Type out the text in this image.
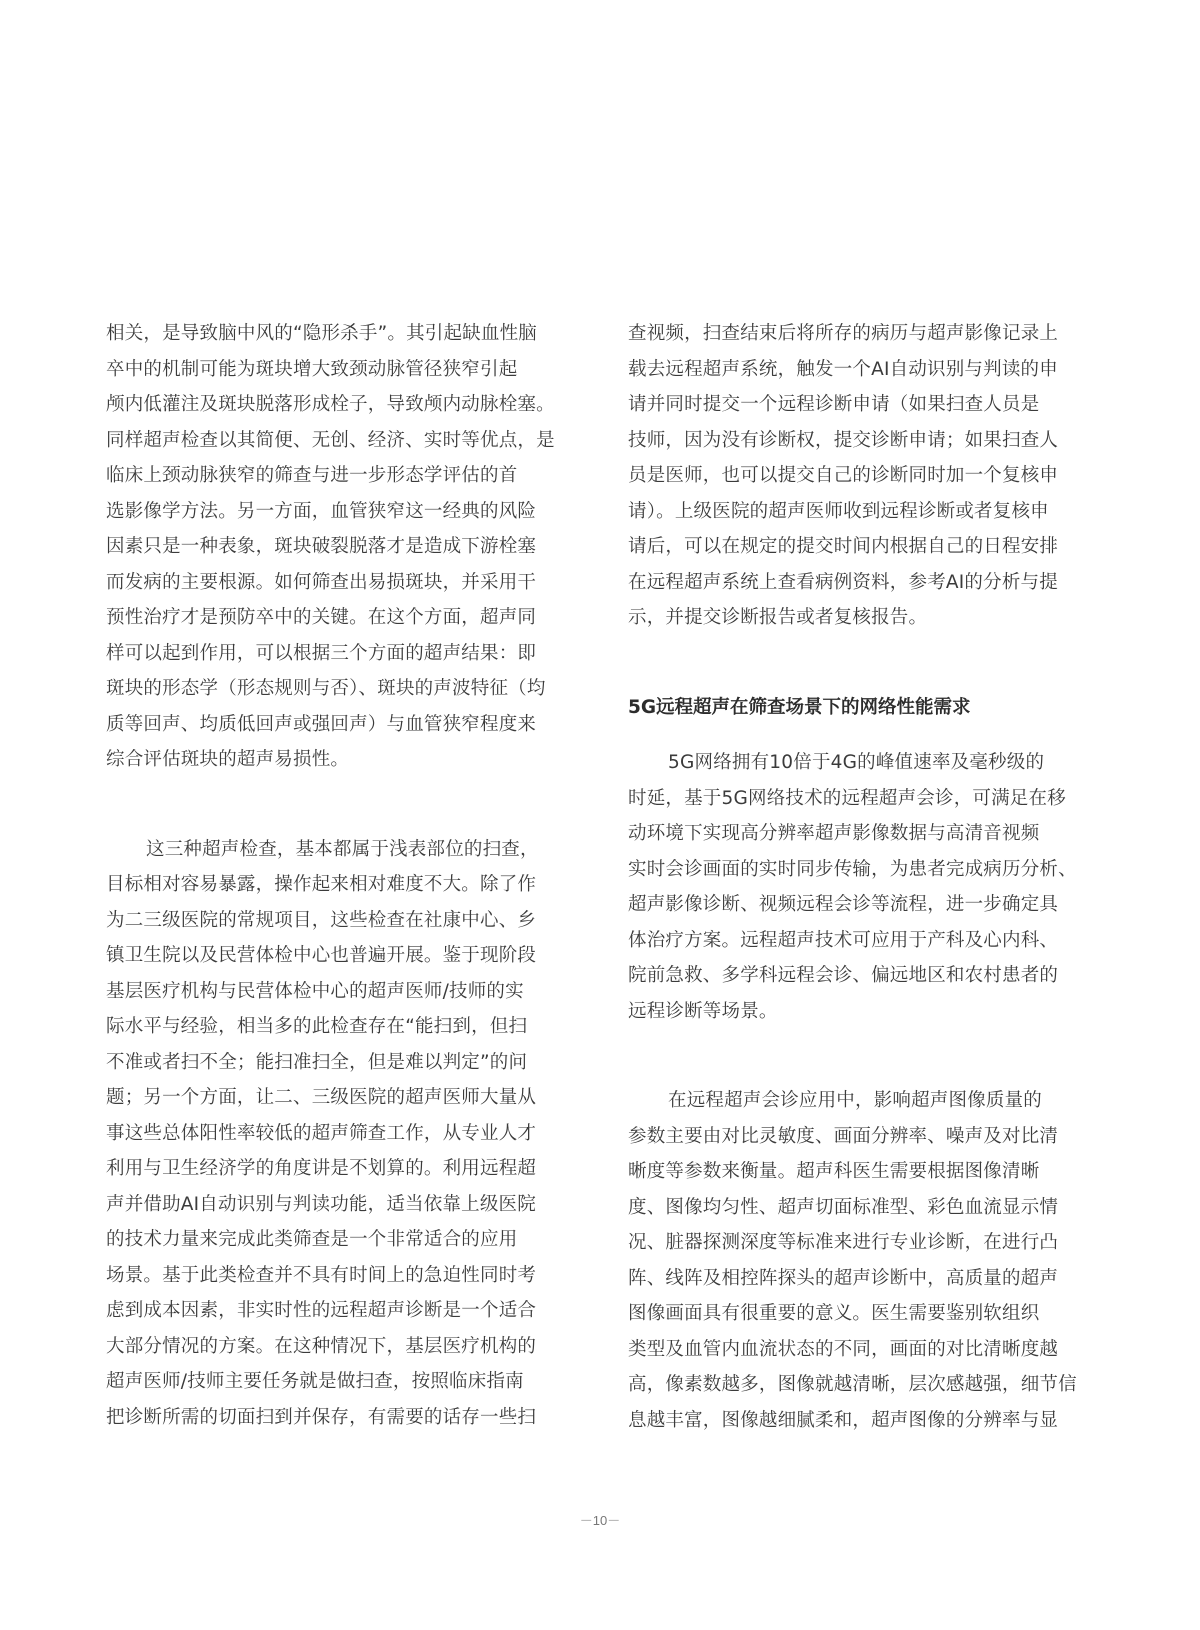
相关，是导致脑中风的“隐形杀手”。其引起缺血性脑
卒中的机制可能为斑块增大致颈动脉管径狭窄引起
颅内低灌注及斑块脱落形成栓子，导致颅内动脉栓塞。
同样超声检查以其简便、无创、经济、实时等优点，是
临床上颈动脉狭窄的筛查与进一步形态学评估的首
选影像学方法。另一方面，血管狭窄这一经典的风险
因素只是一种表象，斑块破裂脱落才是造成下游栓塞
而发病的主要根源。如何筛查出易损斑块，并采用干
预性治疗才是预防卒中的关键。在这个方面，超声同
样可以起到作用，可以根据三个方面的超声结果：即
斑块的形态学（形态规则与否）、斑块的声波特征（均
质等回声、均质低回声或强回声）与血管狭窄程度来
综合评估斑块的超声易损性。
这三种超声检查，基本都属于浅表部位的扫查，
目标相对容易暴露，操作起来相对难度不大。除了作
为二三级医院的常规项目，这些检查在社康中心、乡
镇卫生院以及民营体检中心也普遍开展。鉴于现阶段
基层医疗机构与民营体检中心的超声医师/技师的实
际水平与经验，相当多的此检查存在“能扫到，但扫
不准或者扫不全；能扫准扫全，但是难以判定”的问
题；另一个方面，让二、三级医院的超声医师大量从
事这些总体阳性率较低的超声筛查工作，从专业人才
利用与卫生经济学的角度讲是不划算的。利用远程超
声并借助AI自动识别与判读功能，适当依靠上级医院
的技术力量来完成此类筛查是一个非常适合的应用
场景。基于此类检查并不具有时间上的急迫性同时考
虑到成本因素，非实时性的远程超声诊断是一个适合
大部分情况的方案。在这种情况下，基层医疗机构的
超声医师/技师主要任务就是做扫查，按照临床指南
把诊断所需的切面扫到并保存，有需要的话存一些扫
查视频，扫查结束后将所存的病历与超声影像记录上
载去远程超声系统，触发一个AI自动识别与判读的申
请并同时提交一个远程诊断申请（如果扫查人员是
技师，因为没有诊断权，提交诊断申请；如果扫查人
员是医师，也可以提交自己的诊断同时加一个复核申
请）。上级医院的超声医师收到远程诊断或者复核申
请后，可以在规定的提交时间内根据自己的日程安排
在远程超声系统上查看病例资料，参考AI的分析与提
示，并提交诊断报告或者复核报告。
5G远程超声在筛查场景下的网络性能需求
5G网络拥有10倍于4G的峰值速率及毫秒级的
时延，基于5G网络技术的远程超声会诊，可满足在移
动环境下实现高分辨率超声影像数据与高清音视频
实时会诊画面的实时同步传输，为患者完成病历分析、
超声影像诊断、视频远程会诊等流程，进一步确定具
体治疗方案。远程超声技术可应用于产科及心内科、
院前急救、多学科远程会诊、偏远地区和农村患者的
远程诊断等场景。
在远程超声会诊应用中，影响超声图像质量的
参数主要由对比灵敏度、画面分辨率、噪声及对比清
晰度等参数来衡量。超声科医生需要根据图像清晰
度、图像均匀性、超声切面标准型、彩色血流显示情
况、脏器探测深度等标准来进行专业诊断，在进行凸
阵、线阵及相控阵探头的超声诊断中，高质量的超声
图像画面具有很重要的意义。医生需要鉴别软组织
类型及血管内血流状态的不同，画面的对比清晰度越
高，像素数越多，图像就越清晰，层次感越强，细节信
息越丰富，图像越细腻柔和，超声图像的分辨率与显
－10－
